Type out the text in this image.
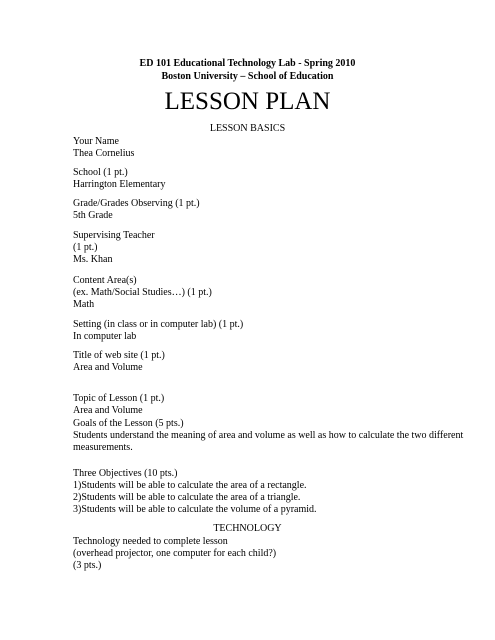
ED 101 Educational Technology Lab - Spring 2010
Boston University – School of Education
LESSON PLAN
LESSON BASICS
Your Name
Thea Cornelius
School (1 pt.)
Harrington Elementary
Grade/Grades Observing (1 pt.)
5th Grade
Supervising Teacher
(1 pt.)
Ms. Khan
Content Area(s)
(ex. Math/Social Studies…) (1 pt.)
Math
Setting (in class or in computer lab) (1 pt.)
In computer lab
Title of web site (1 pt.)
Area and Volume
Topic of Lesson (1 pt.)
Area and Volume
Goals of the Lesson (5 pts.)
Students understand the meaning of area and volume as well as how to calculate the two different measurements.
Three Objectives (10 pts.)
1)Students will be able to calculate the area of a rectangle.
2)Students will be able to calculate the area of a triangle.
3)Students will be able to calculate the volume of a pyramid.
TECHNOLOGY
Technology needed to complete lesson
(overhead projector, one computer for each child?)
(3 pts.)
